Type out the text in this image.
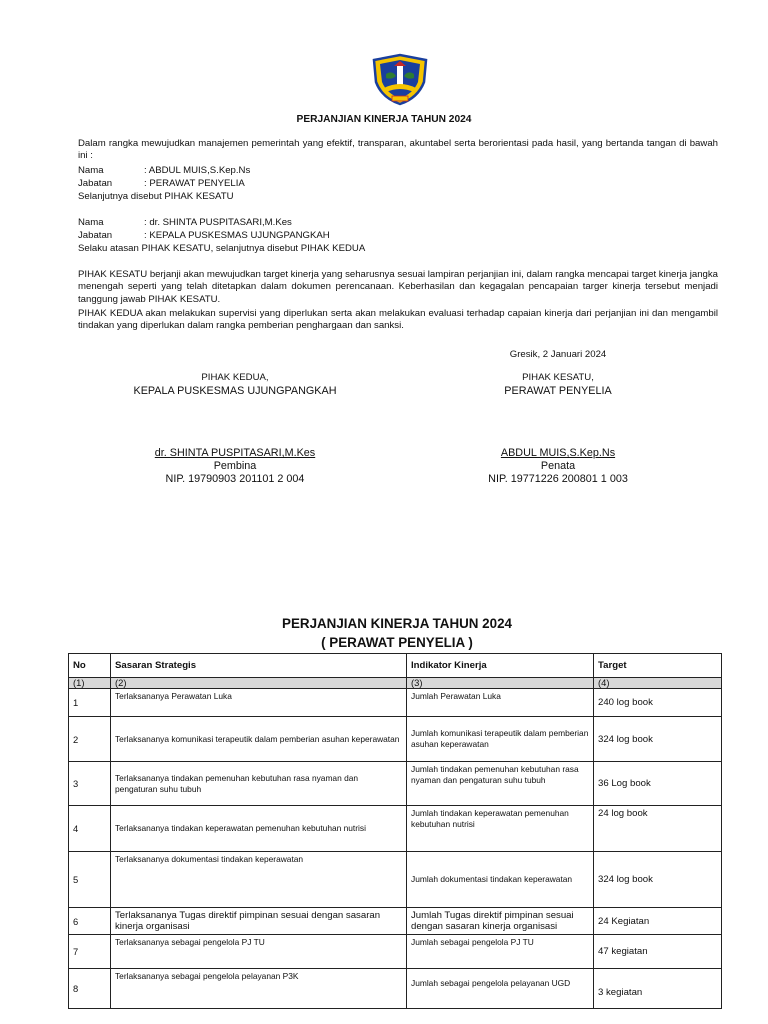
PERJANJIAN KINERJA TAHUN 2024
Dalam rangka mewujudkan manajemen pemerintah yang efektif, transparan, akuntabel serta berorientasi pada hasil, yang bertanda tangan di bawah ini :
Nama	: ABDUL MUIS,S.Kep.Ns
Jabatan	: PERAWAT PENYELIA
Selanjutnya disebut PIHAK KESATU
Nama	: dr. SHINTA PUSPITASARI,M.Kes
Jabatan	: KEPALA PUSKESMAS UJUNGPANGKAH
Selaku atasan PIHAK KESATU, selanjutnya disebut PIHAK KEDUA
PIHAK KESATU berjanji akan mewujudkan target kinerja yang seharusnya sesuai lampiran perjanjian ini, dalam rangka mencapai target kinerja jangka menengah seperti yang telah ditetapkan dalam dokumen perencanaan. Keberhasilan dan kegagalan pencapaian targer kinerja tersebut menjadi tanggung jawab PIHAK KESATU.
PIHAK KEDUA akan melakukan supervisi yang diperlukan serta akan melakukan evaluasi terhadap capaian kinerja dari perjanjian ini dan mengambil tindakan yang diperlukan dalam rangka pemberian penghargaan dan sanksi.
Gresik, 2 Januari 2024
PIHAK KEDUA,
KEPALA PUSKESMAS UJUNGPANGKAH
dr. SHINTA PUSPITASARI,M.Kes
Pembina
NIP. 19790903 201101 2 004
PIHAK KESATU,
PERAWAT PENYELIA
ABDUL MUIS,S.Kep.Ns
Penata
NIP. 19771226 200801 1 003
PERJANJIAN KINERJA TAHUN 2024
( PERAWAT PENYELIA )
No	Sasaran Strategis	Indikator Kinerja	Target
(1)	(2)	(3)	(4)
1	Terlaksananya Perawatan Luka	Jumlah Perawatan Luka	240 log book
2	Terlaksananya komunikasi terapeutik dalam pemberian asuhan keperawatan	Jumlah komunikasi terapeutik dalam pemberian asuhan keperawatan	324 log book
3	Terlaksananya tindakan pemenuhan kebutuhan rasa nyaman dan pengaturan suhu tubuh	Jumlah tindakan pemenuhan kebutuhan rasa nyaman dan pengaturan suhu tubuh	36 Log book
4	Terlaksananya tindakan keperawatan pemenuhan kebutuhan nutrisi	Jumlah tindakan keperawatan pemenuhan kebutuhan nutrisi	24 log book
5	Terlaksananya dokumentasi tindakan keperawatan	Jumlah dokumentasi tindakan keperawatan	324 log book
6	Terlaksananya Tugas direktif pimpinan sesuai dengan sasaran kinerja organisasi	Jumlah Tugas direktif pimpinan sesuai dengan sasaran kinerja organisasi	24 Kegiatan
7	Terlaksananya sebagai pengelola PJ TU	Jumlah sebagai pengelola PJ TU	47 kegiatan
8	Terlaksananya sebagai pengelola pelayanan P3K	Jumlah sebagai pengelola pelayanan UGD	3 kegiatan
